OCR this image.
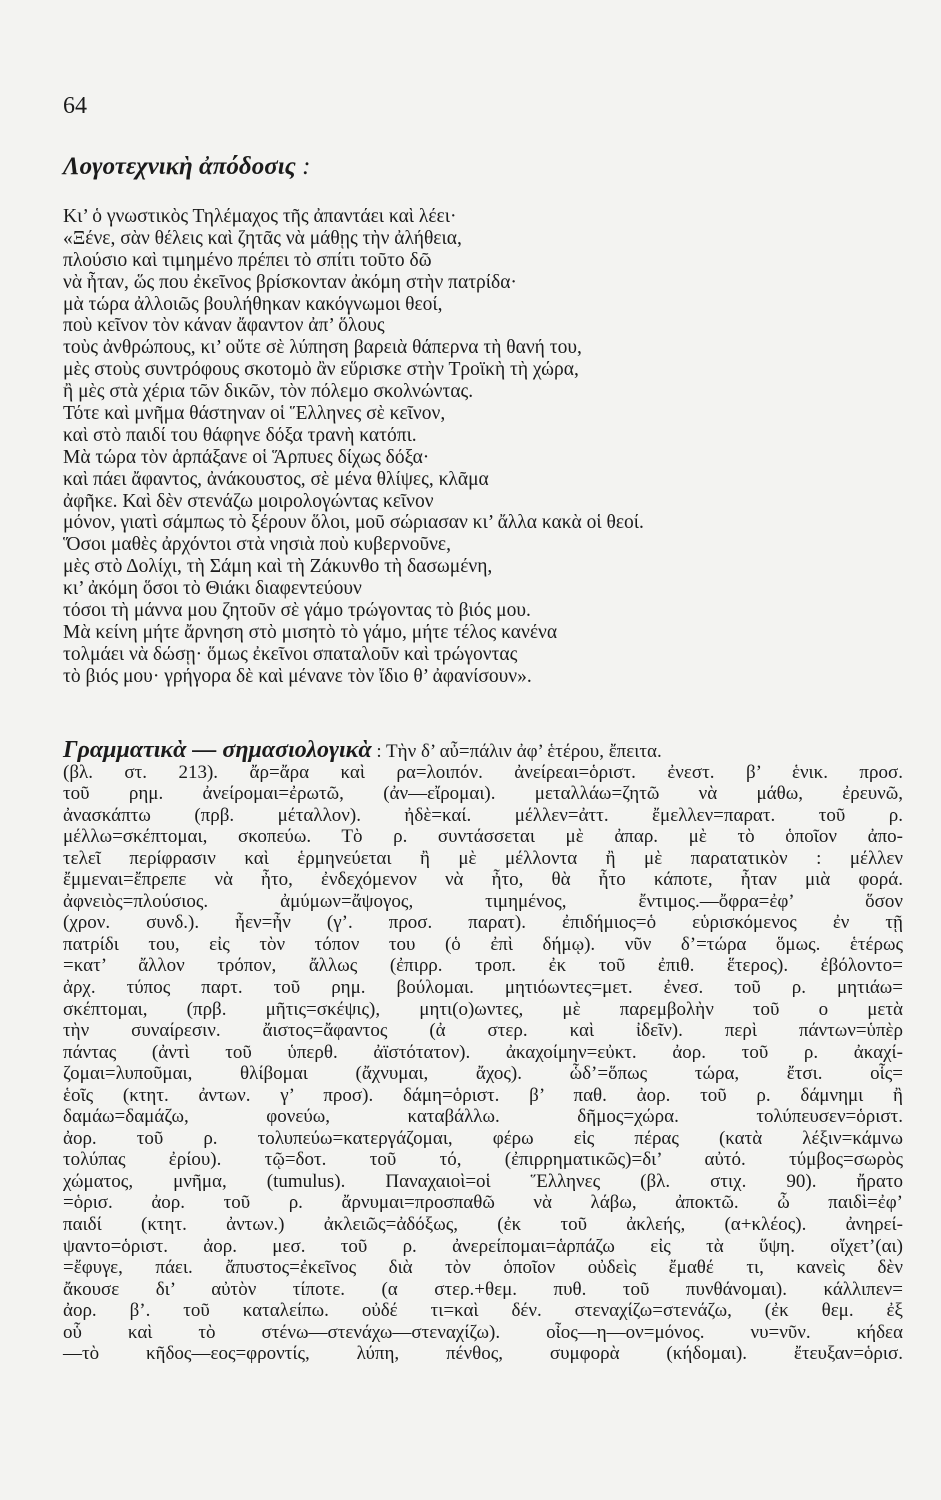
64
Λογοτεχνικὴ ἀπόδοσις :
Κι’ ὁ γνωστικὸς Τηλέμαχος τῆς ἀπαντάει καὶ λέει·
«Ξένε, σὰν θέλεις καὶ ζητᾶς νὰ μάθῃς τὴν ἀλήθεια,
πλούσιο καὶ τιμημένο πρέπει τὸ σπίτι τοῦτο δῶ
νὰ ἦταν, ὥς που ἐκεῖνος βρίσκονταν ἀκόμη στὴν πατρίδα·
μὰ τώρα ἀλλοιῶς βουλήθηκαν κακόγνωμοι θεοί,
ποὺ κεῖνον τὸν κάναν ἄφαντον ἀπ’ ὅλους
τοὺς ἀνθρώπους, κι’ οὔτε σὲ λύπηση βαρειὰ θάπερνα τὴ θανή του,
μὲς στοὺς συντρόφους σκοτομὸ ἂν εὕρισκε στὴν Τροϊκὴ τὴ χώρα,
ἢ μὲς στὰ χέρια τῶν δικῶν, τὸν πόλεμο σκολνώντας.
Τότε καὶ μνῆμα θάστηναν οἱ Ἕλληνες σὲ κεῖνον,
καὶ στὸ παιδί του θάφηνε δόξα τρανὴ κατόπι.
Μὰ τώρα τὸν ἁρπάξανε οἱ Ἅρπυες δίχως δόξα·
καὶ πάει ἄφαντος, ἀνάκουστος, σὲ μένα θλίψες, κλᾶμα
ἀφῆκε. Καὶ δὲν στενάζω μοιρολογώντας κεῖνον
μόνον, γιατὶ σάμπως τὸ ξέρουν ὅλοι, μοῦ σώριασαν κι’ ἄλλα κακὰ οἱ θεοί.
Ὅσοι μαθὲς ἀρχόντοι στὰ νησιὰ ποὺ κυβερνοῦνε,
μὲς στὸ Δολίχι, τὴ Σάμη καὶ τὴ Ζάκυνθο τὴ δασωμένη,
κι’ ἀκόμη ὅσοι τὸ Θιάκι διαφεντεύουν
τόσοι τὴ μάννα μου ζητοῦν σὲ γάμο τρώγοντας τὸ βιός μου.
Μὰ κείνη μήτε ἄρνηση στὸ μισητὸ τὸ γάμο, μήτε τέλος κανένα
τολμάει νὰ δώσῃ· ὅμως ἐκεῖνοι σπαταλοῦν καὶ τρώγοντας
τὸ βιός μου· γρήγορα δὲ καὶ μένανε τὸν ἴδιο θ’ ἀφανίσουν».
Γραμματικὰ — σημασιολογικὰ : Τὴν δ’ αὖ=πάλιν ἀφ’ ἑτέρου, ἔπειτα.
(βλ. στ. 213). ἄρ=ἄρα καὶ ρα=λοιπόν. ἀνείρεαι=ὁριστ. ἐνεστ. β’ ἑνικ. προσ.
τοῦ ρημ. ἀνείρομαι=ἐρωτῶ, (ἀν—εἴρομαι). μεταλλάω=ζητῶ νὰ μάθω, ἐρευνῶ,
ἀνασκάπτω (πρβ. μέταλλον). ἠδὲ=καί. μέλλεν=ἀττ. ἔμελλεν=παρατ. τοῦ ρ.
μέλλω=σκέπτομαι, σκοπεύω. Τὸ ρ. συντάσσεται μὲ ἀπαρ. μὲ τὸ ὁποῖον ἀπο-
τελεῖ περίφρασιν καὶ ἑρμηνεύεται ἢ μὲ μέλλοντα ἢ μὲ παρατατικὸν : μέλλεν
ἔμμεναι=ἔπρεπε νὰ ἦτο, ἐνδεχόμενον νὰ ἦτο, θὰ ἦτο κάποτε, ἦταν μιὰ φορά.
ἀφνειὸς=πλούσιος. ἀμύμων=ἄψογος, τιμημένος, ἔντιμος.—ὄφρα=ἐφ’ ὅσον
(χρον. συνδ.). ἦεν=ἦν (γ’. προσ. παρατ). ἐπιδήμιος=ὁ εὑρισκόμενος ἐν τῇ
πατρίδι του, εἰς τὸν τόπον του (ὁ ἐπὶ δήμῳ). νῦν δ’=τώρα ὅμως. ἑτέρως
=κατ’ ἄλλον τρόπον, ἄλλως (ἐπιρρ. τροπ. ἐκ τοῦ ἐπιθ. ἕτερος). ἐβόλοντο=
ἀρχ. τύπος παρτ. τοῦ ρημ. βούλομαι. μητιόωντες=μετ. ἐνεσ. τοῦ ρ. μητιάω=
σκέπτομαι, (πρβ. μῆτις=σκέψις), μητι(ο)ωντες, μὲ παρεμβολὴν τοῦ ο μετὰ
τὴν συναίρεσιν. ἄιστος=ἄφαντος (ἀ στερ. καὶ ἰδεῖν). περὶ πάντων=ὑπὲρ
πάντας (ἀντὶ τοῦ ὑπερθ. ἀϊστότατον). ἀκαχοίμην=εὐκτ. ἀορ. τοῦ ρ. ἀκαχί-
ζομαι=λυποῦμαι, θλίβομαι (ἄχνυμαι, ἄχος). ὧδ’=ὅπως τώρα, ἔτσι. οἷς=
ἑοῖς (κτητ. ἀντων. γ’ προσ). δάμη=ὁριστ. β’ παθ. ἀορ. τοῦ ρ. δάμνημι ἢ
δαμάω=δαμάζω, φονεύω, καταβάλλω. δῆμος=χώρα. τολύπευσεν=ὁριστ.
ἀορ. τοῦ ρ. τολυπεύω=κατεργάζομαι, φέρω εἰς πέρας (κατὰ λέξιν=κάμνω
τολύπας ἐρίου). τῷ=δοτ. τοῦ τό, (ἐπιρρηματικῶς)=δι’ αὐτό. τύμβος=σωρὸς
χώματος, μνῆμα, (tumulus). Παναχαιοὶ=οἱ Ἕλληνες (βλ. στιχ. 90). ἤρατο
=ὁρισ. ἀορ. τοῦ ρ. ἄρνυμαι=προσπαθῶ νὰ λάβω, ἀποκτῶ. ὦ παιδὶ=ἐφ’
παιδί (κτητ. ἀντων.) ἀκλειῶς=ἀδόξως, (ἐκ τοῦ ἀκλεής, (α+κλέος). ἀνηρεί-
ψαντο=ὁριστ. ἀορ. μεσ. τοῦ ρ. ἀνερείπομαι=ἁρπάζω εἰς τὰ ὕψη. οἴχετ’(αι)
=ἔφυγε, πάει. ἄπυστος=ἐκεῖνος διὰ τὸν ὁποῖον οὐδεὶς ἔμαθέ τι, κανεὶς δὲν
ἄκουσε δι’ αὐτὸν τίποτε. (α στερ.+θεμ. πυθ. τοῦ πυνθάνομαι). κάλλιπεν=
ἀορ. β’. τοῦ καταλείπω. οὐδέ τι=καὶ δέν. στεναχίζω=στενάζω, (ἐκ θεμ. ἐξ
οὗ καὶ τὸ στένω—στενάχω—στεναχίζω). οἶος—η—ον=μόνος. νυ=νῦν. κήδεα
—τὸ κῆδος—εος=φροντίς, λύπη, πένθος, συμφορὰ (κήδομαι). ἔτευξαν=ὁρισ.
